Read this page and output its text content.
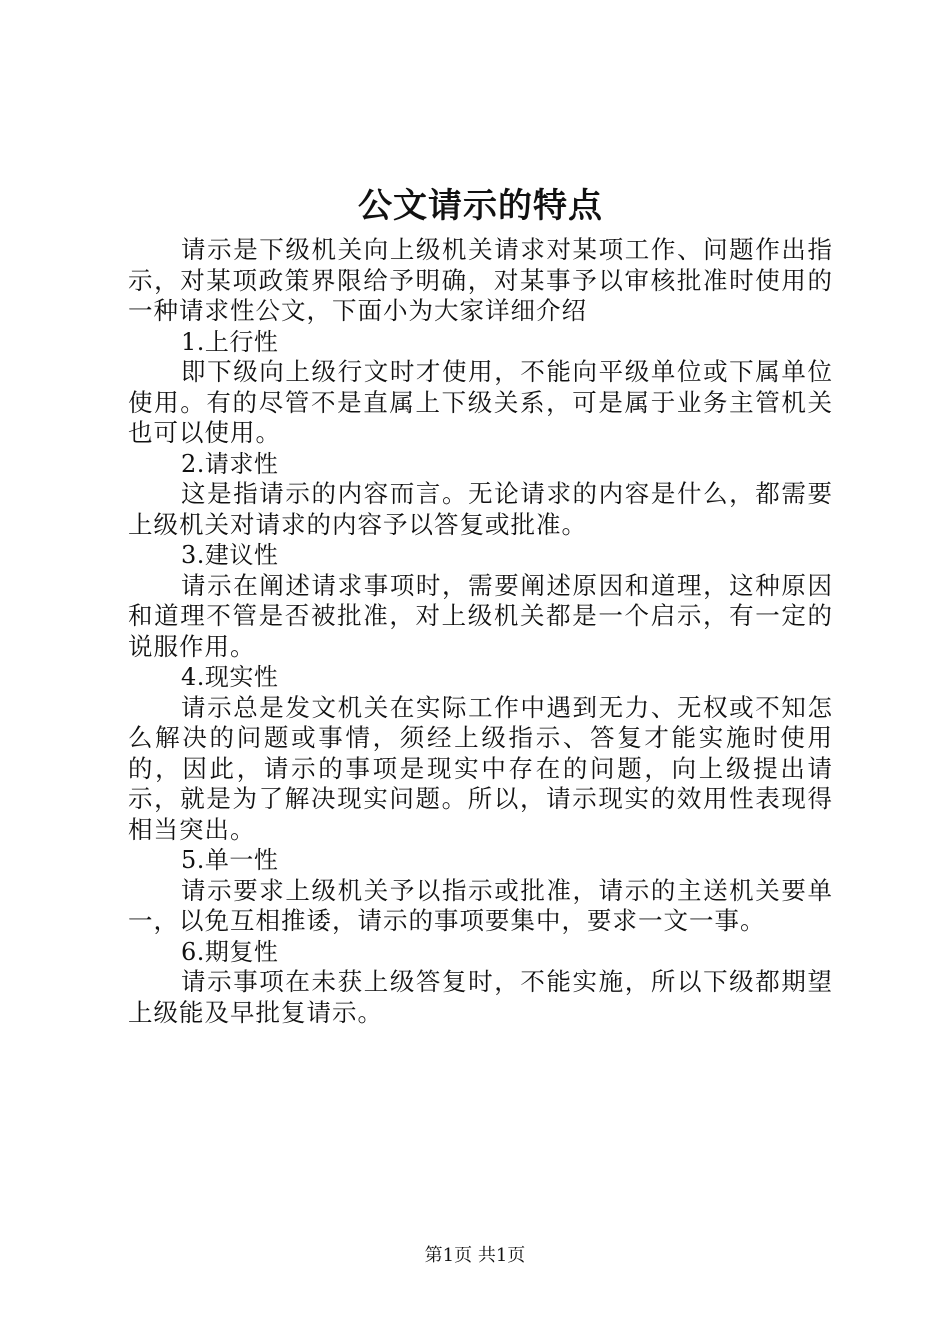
公文请示的特点

请示是下级机关向上级机关请求对某项工作、问题作出指示，对某项政策界限给予明确，对某事予以审核批准时使用的一种请求性公文，下面小为大家详细介绍

1.上行性

即下级向上级行文时才使用，不能向平级单位或下属单位使用。有的尽管不是直属上下级关系，可是属于业务主管机关也可以使用。

2.请求性

这是指请示的内容而言。无论请求的内容是什么，都需要上级机关对请求的内容予以答复或批准。

3.建议性

请示在阐述请求事项时，需要阐述原因和道理，这种原因和道理不管是否被批准，对上级机关都是一个启示，有一定的说服作用。

4.现实性

请示总是发文机关在实际工作中遇到无力、无权或不知怎么解决的问题或事情，须经上级指示、答复才能实施时使用的，因此，请示的事项是现实中存在的问题，向上级提出请示，就是为了解决现实问题。所以，请示现实的效用性表现得相当突出。

5.单一性

请示要求上级机关予以指示或批准，请示的主送机关要单一，以免互相推诿，请示的事项要集中，要求一文一事。

6.期复性

请示事项在未获上级答复时，不能实施，所以下级都期望上级能及早批复请示。

第1页 共1页
